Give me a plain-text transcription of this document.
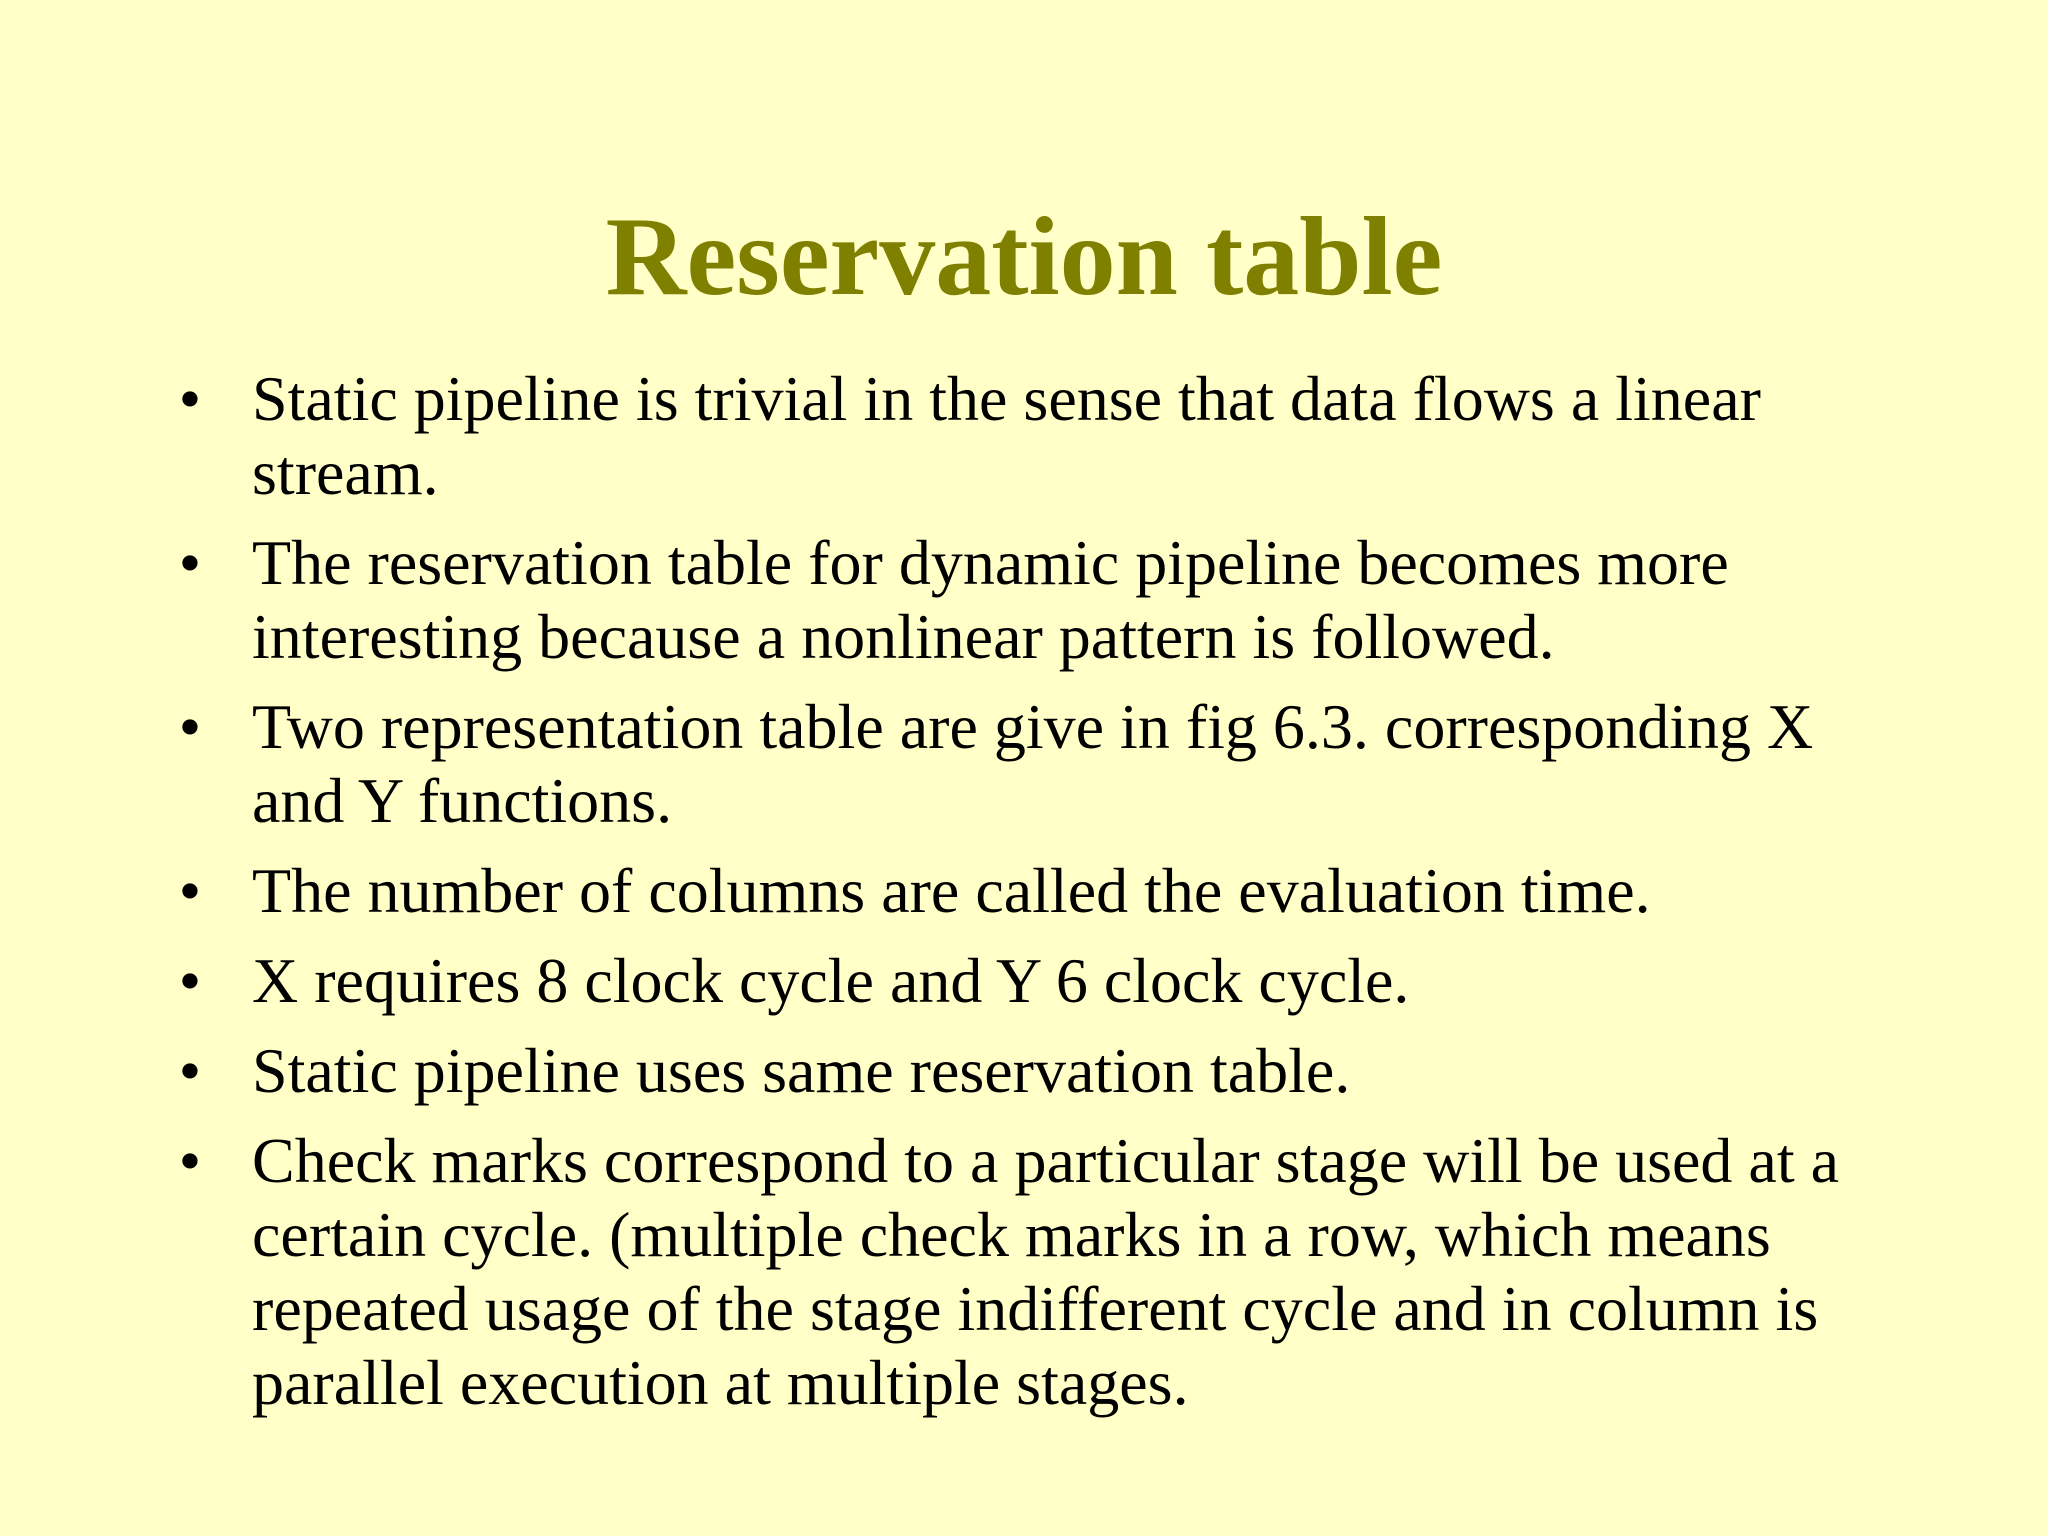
Reservation table
• Static pipeline is trivial in the sense that data flows a linear stream.
• The reservation table for dynamic pipeline becomes more interesting because a nonlinear pattern is followed.
• Two representation table are give in fig 6.3. corresponding X and Y functions.
• The number of columns are called the evaluation time.
• X requires 8 clock cycle and Y 6 clock cycle.
• Static pipeline uses same reservation table.
• Check marks correspond to a particular stage will be used at a certain cycle. (multiple check marks in a row, which means repeated usage of the stage indifferent cycle and in column is parallel execution at multiple stages.
